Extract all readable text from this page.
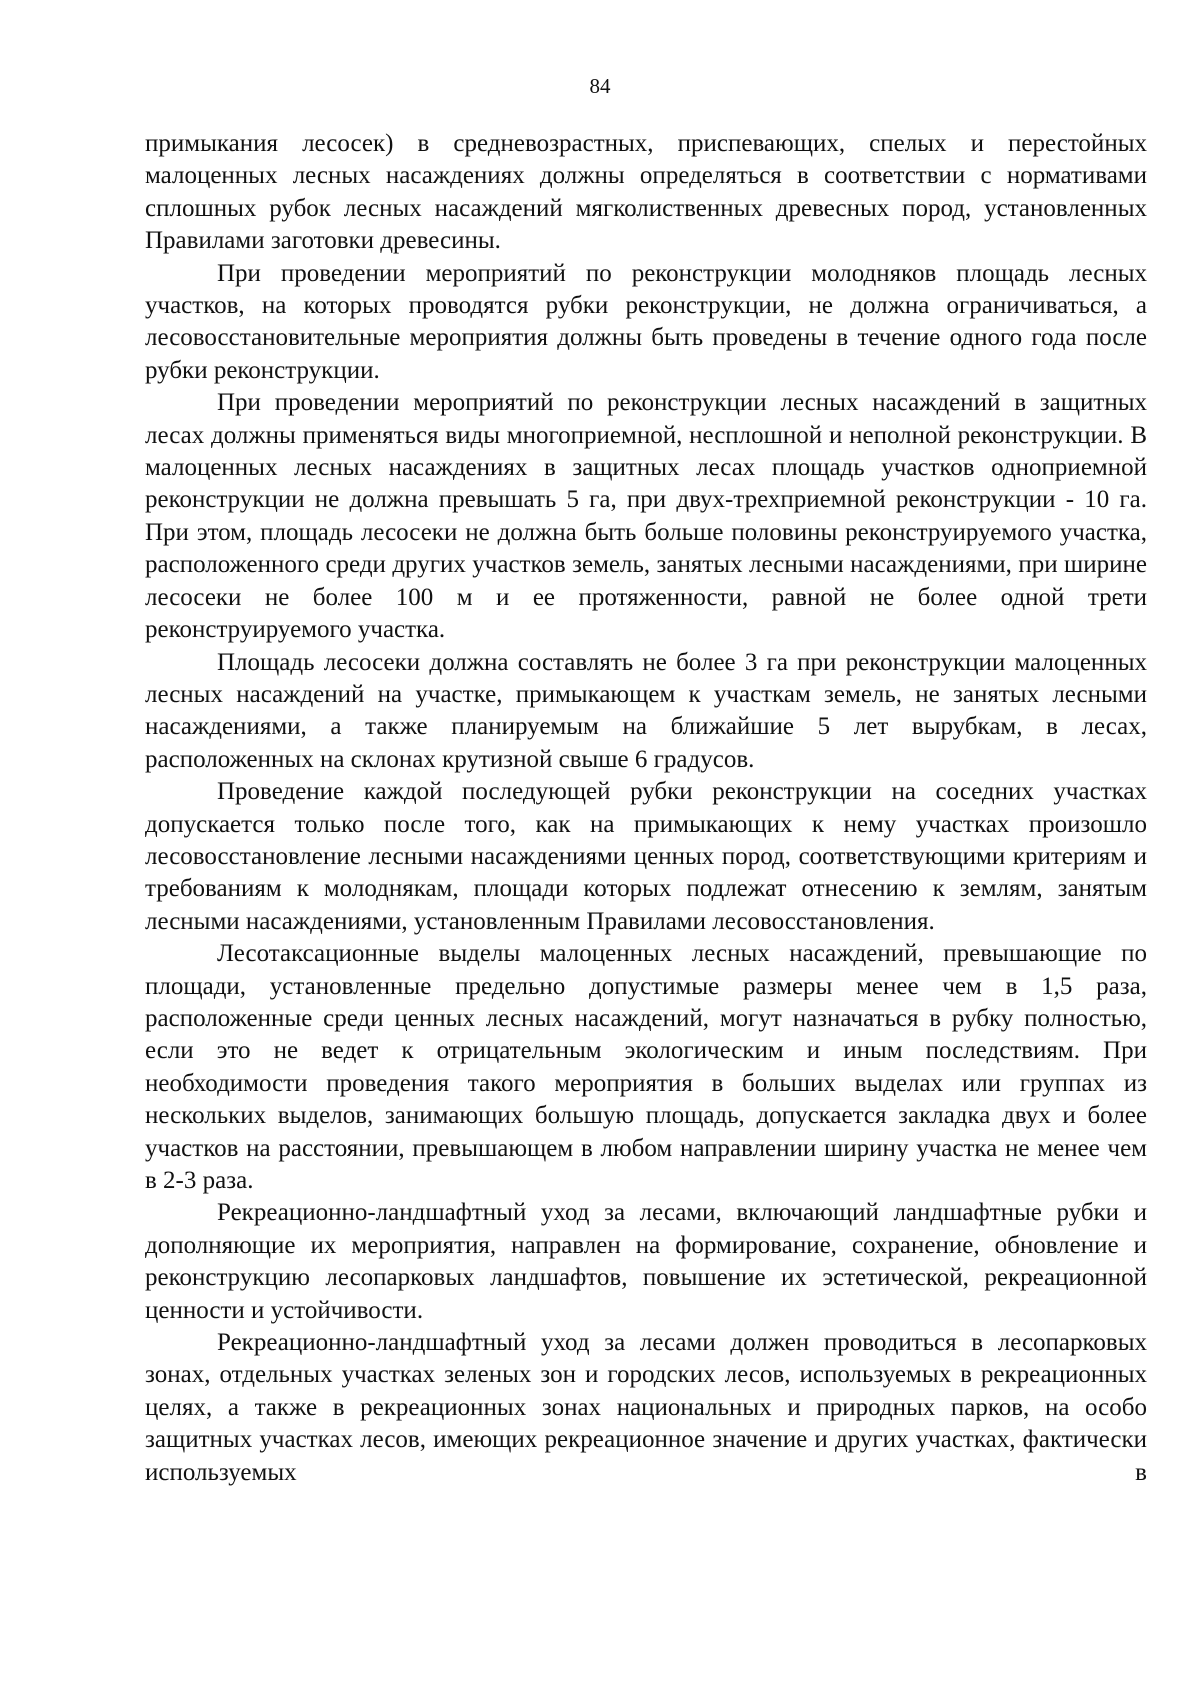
84

примыкания лесосек) в средневозрастных, приспевающих, спелых и перестойных малоценных лесных насаждениях должны определяться в соответствии с нормативами сплошных рубок лесных насаждений мягколиственных древесных пород, установленных Правилами заготовки древесины.

При проведении мероприятий по реконструкции молодняков площадь лесных участков, на которых проводятся рубки реконструкции, не должна ограничиваться, а лесовосстановительные мероприятия должны быть проведены в течение одного года после рубки реконструкции.

При проведении мероприятий по реконструкции лесных насаждений в защитных лесах должны применяться виды многоприемной, несплошной и неполной реконструкции. В малоценных лесных насаждениях в защитных лесах площадь участков одноприемной реконструкции не должна превышать 5 га, при двух-трехприемной реконструкции - 10 га. При этом, площадь лесосеки не должна быть больше половины реконструируемого участка, расположенного среди других участков земель, занятых лесными насаждениями, при ширине лесосеки не более 100 м и ее протяженности, равной не более одной трети реконструируемого участка.

Площадь лесосеки должна составлять не более 3 га при реконструкции малоценных лесных насаждений на участке, примыкающем к участкам земель, не занятых лесными насаждениями, а также планируемым на ближайшие 5 лет вырубкам, в лесах, расположенных на склонах крутизной свыше 6 градусов.

Проведение каждой последующей рубки реконструкции на соседних участках допускается только после того, как на примыкающих к нему участках произошло лесовосстановление лесными насаждениями ценных пород, соответствующими критериям и требованиям к молоднякам, площади которых подлежат отнесению к землям, занятым лесными насаждениями, установленным Правилами лесовосстановления.

Лесотаксационные выделы малоценных лесных насаждений, превышающие по площади, установленные предельно допустимые размеры менее чем в 1,5 раза, расположенные среди ценных лесных насаждений, могут назначаться в рубку полностью, если это не ведет к отрицательным экологическим и иным последствиям. При необходимости проведения такого мероприятия в больших выделах или группах из нескольких выделов, занимающих большую площадь, допускается закладка двух и более участков на расстоянии, превышающем в любом направлении ширину участка не менее чем в 2-3 раза.

Рекреационно-ландшафтный уход за лесами, включающий ландшафтные рубки и дополняющие их мероприятия, направлен на формирование, сохранение, обновление и реконструкцию лесопарковых ландшафтов, повышение их эстетической, рекреационной ценности и устойчивости.

Рекреационно-ландшафтный уход за лесами должен проводиться в лесопарковых зонах, отдельных участках зеленых зон и городских лесов, используемых в рекреационных целях, а также в рекреационных зонах национальных и природных парков, на особо защитных участках лесов, имеющих рекреационное значение и других участках, фактически используемых в
